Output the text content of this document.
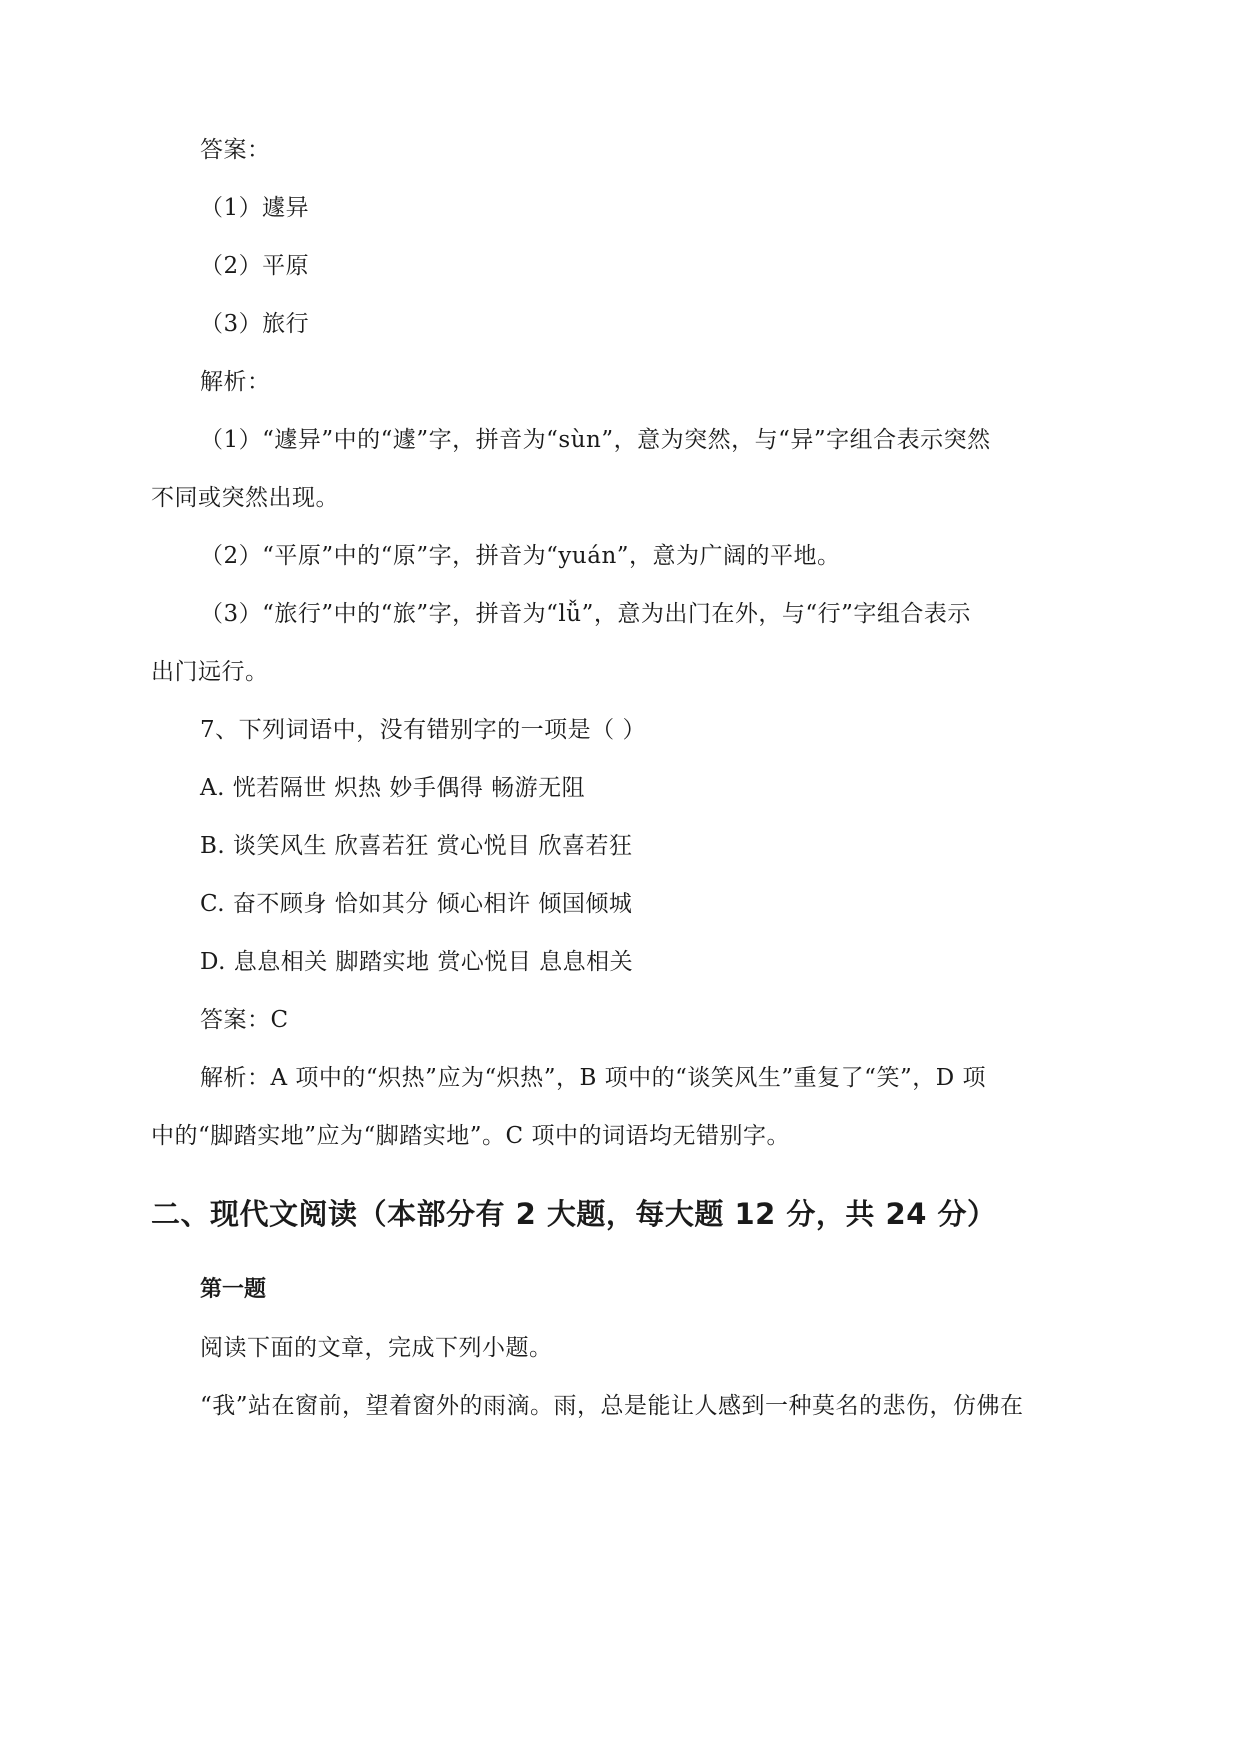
答案：
（1）遽异
（2）平原
（3）旅行
解析：
（1）“遽异”中的“遽”字，拼音为“sùn”，意为突然，与“异”字组合表示突然
不同或突然出现。
（2）“平原”中的“原”字，拼音为“yuán”，意为广阔的平地。
（3）“旅行”中的“旅”字，拼音为“lǚ”，意为出门在外，与“行”字组合表示
出门远行。
7、下列词语中，没有错别字的一项是（ ）
A. 恍若隔世 炽热 妙手偶得 畅游无阻
B. 谈笑风生 欣喜若狂 赏心悦目 欣喜若狂
C. 奋不顾身 恰如其分 倾心相许 倾国倾城
D. 息息相关 脚踏实地 赏心悦目 息息相关
答案：C
解析：A 项中的“炽热”应为“炽热”，B 项中的“谈笑风生”重复了“笑”，D 项
中的“脚踏实地”应为“脚踏实地”。C 项中的词语均无错别字。
二、现代文阅读（本部分有 2 大题，每大题 12 分，共 24 分）
第一题
阅读下面的文章，完成下列小题。
“我”站在窗前，望着窗外的雨滴。雨，总是能让人感到一种莫名的悲伤，仿佛在
